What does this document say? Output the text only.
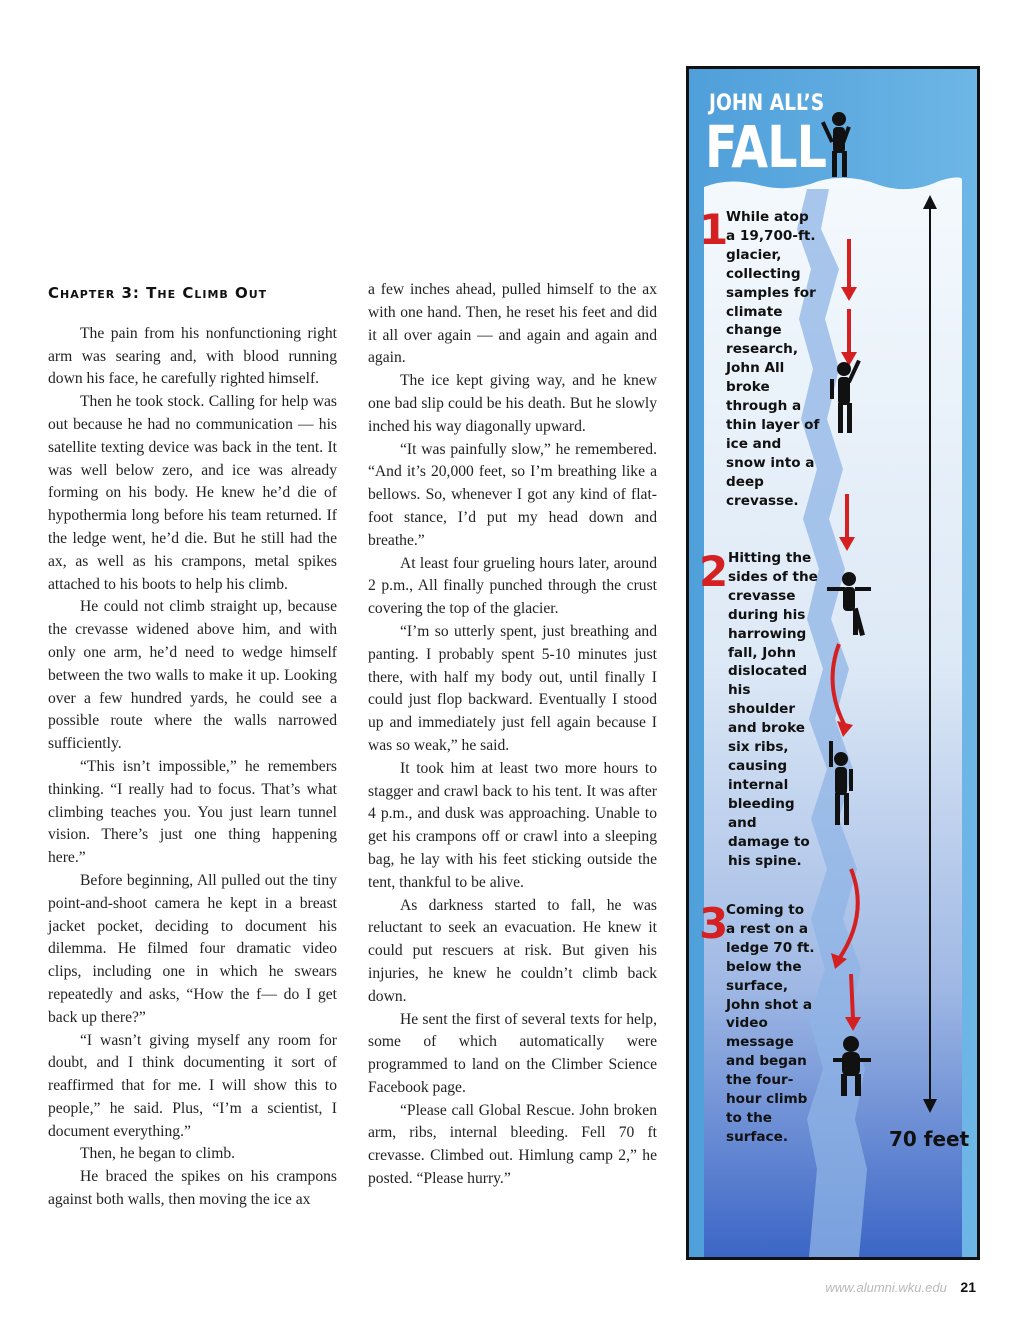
Chapter 3: The Climb Out

The pain from his nonfunctioning right arm was searing and, with blood running down his face, he carefully righted himself.

Then he took stock. Calling for help was out because he had no communication — his satellite texting device was back in the tent. It was well below zero, and ice was already forming on his body. He knew he’d die of hypothermia long before his team returned. If the ledge went, he’d die. But he still had the ax, as well as his crampons, metal spikes attached to his boots to help his climb.

He could not climb straight up, because the crevasse widened above him, and with only one arm, he’d need to wedge himself between the two walls to make it up. Looking over a few hundred yards, he could see a possible route where the walls narrowed sufficiently.

“This isn’t impossible,” he remembers thinking. “I really had to focus. That’s what climbing teaches you. You just learn tunnel vision. There’s just one thing happening here.”

Before beginning, All pulled out the tiny point-and-shoot camera he kept in a breast jacket pocket, deciding to document his dilemma. He filmed four dramatic video clips, including one in which he swears repeatedly and asks, “How the f— do I get back up there?”

“I wasn’t giving myself any room for doubt, and I think documenting it sort of reaffirmed that for me. I will show this to people,” he said. Plus, “I’m a scientist, I document everything.”

Then, he began to climb.

He braced the spikes on his crampons against both walls, then moving the ice ax

a few inches ahead, pulled himself to the ax with one hand. Then, he reset his feet and did it all over again — and again and again and again.

The ice kept giving way, and he knew one bad slip could be his death. But he slowly inched his way diagonally upward.

“It was painfully slow,” he remembered. “And it’s 20,000 feet, so I’m breathing like a bellows. So, whenever I got any kind of flat-foot stance, I’d put my head down and breathe.”

At least four grueling hours later, around 2 p.m., All finally punched through the crust covering the top of the glacier.

“I’m so utterly spent, just breathing and panting. I probably spent 5-10 minutes just there, with half my body out, until finally I could just flop backward. Eventually I stood up and immediately just fell again because I was so weak,” he said.

It took him at least two more hours to stagger and crawl back to his tent. It was after 4 p.m., and dusk was approaching. Unable to get his crampons off or crawl into a sleeping bag, he lay with his feet sticking outside the tent, thankful to be alive.

As darkness started to fall, he was reluctant to seek an evacuation. He knew it could put rescuers at risk. But given his injuries, he knew he couldn’t climb back down.

He sent the first of several texts for help, some of which automatically were programmed to land on the Climber Science Facebook page.

“Please call Global Rescue. John broken arm, ribs, internal bleeding. Fell 70 ft crevasse. Climbed out. Himlung camp 2,” he posted. “Please hurry.”

JOHN ALL’S
FALL
1
While atop a 19,700-ft. glacier, collecting samples for climate change research, John All broke through a thin layer of ice and snow into a deep crevasse.
2 Hitting the sides of the crevasse during his harrowing fall, John dislocated his shoulder and broke six ribs, causing internal bleeding and damage to his spine.
3
Coming to a rest on a ledge 70 ft. below the surface, John shot a video message and began the four-hour climb to the surface.	70 feet
www.alumni.wku.edu 21
